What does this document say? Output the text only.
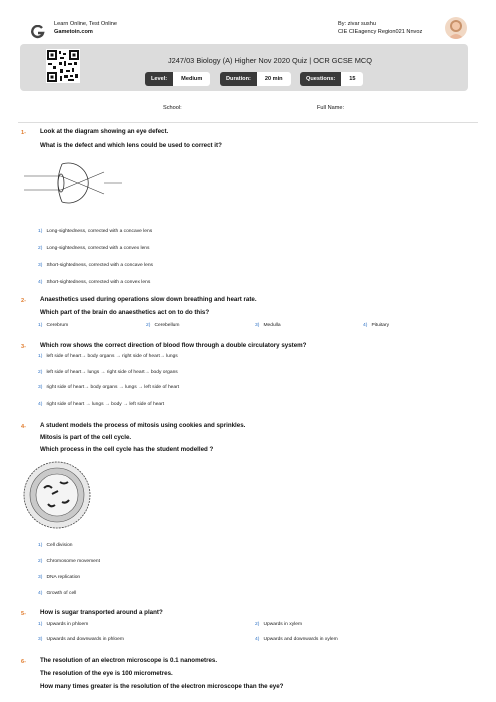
Learn Online, Test Online
Gametoin.com
By: zivar sushu
CIE CIEagency Region021 Nnvoz
J247/03 Biology (A) Higher Nov 2020 Quiz | OCR GCSE MCQ
Level:	Medium	Duration:	20 min	Questions:	15
School:	Full Name:
1- Look at the diagram showing an eye defect.
What is the defect and which lens could be used to correct it?
1) Long-sightedness, corrected with a concave lens
2) Long-sightedness, corrected with a convex lens
3) Short-sightedness, corrected with a concave lens
4) Short-sightedness, corrected with a convex lens
2- Anaesthetics used during operations slow down breathing and heart rate.
Which part of the brain do anaesthetics act on to do this?
1) Cerebrum	2) Cerebellum	3) Medulla	4) Pituitary
3- Which row shows the correct direction of blood flow through a double circulatory system?
1) left side of heart→ body organs → right side of heart→ lungs
2) left side of heart→ lungs → right side of heart→ body organs
3) right side of heart→ body organs → lungs → left side of heart
4) right side of heart → lungs → body → left side of heart
4- A student models the process of mitosis using cookies and sprinkles.
Mitosis is part of the cell cycle.
Which process in the cell cycle has the student modelled ?
1) Cell division
2) Chromosome movement
3) DNA replication
4) Growth of cell
5- How is sugar transported around a plant?
1) Upwards in phloem	2) Upwards in xylem
3) Upwards and downwards in phloem	4) Upwards and downwards in xylem
6- The resolution of an electron microscope is 0.1 nanometres.
The resolution of the eye is 100 micrometres.
How many times greater is the resolution of the electron microscope than the eye?
